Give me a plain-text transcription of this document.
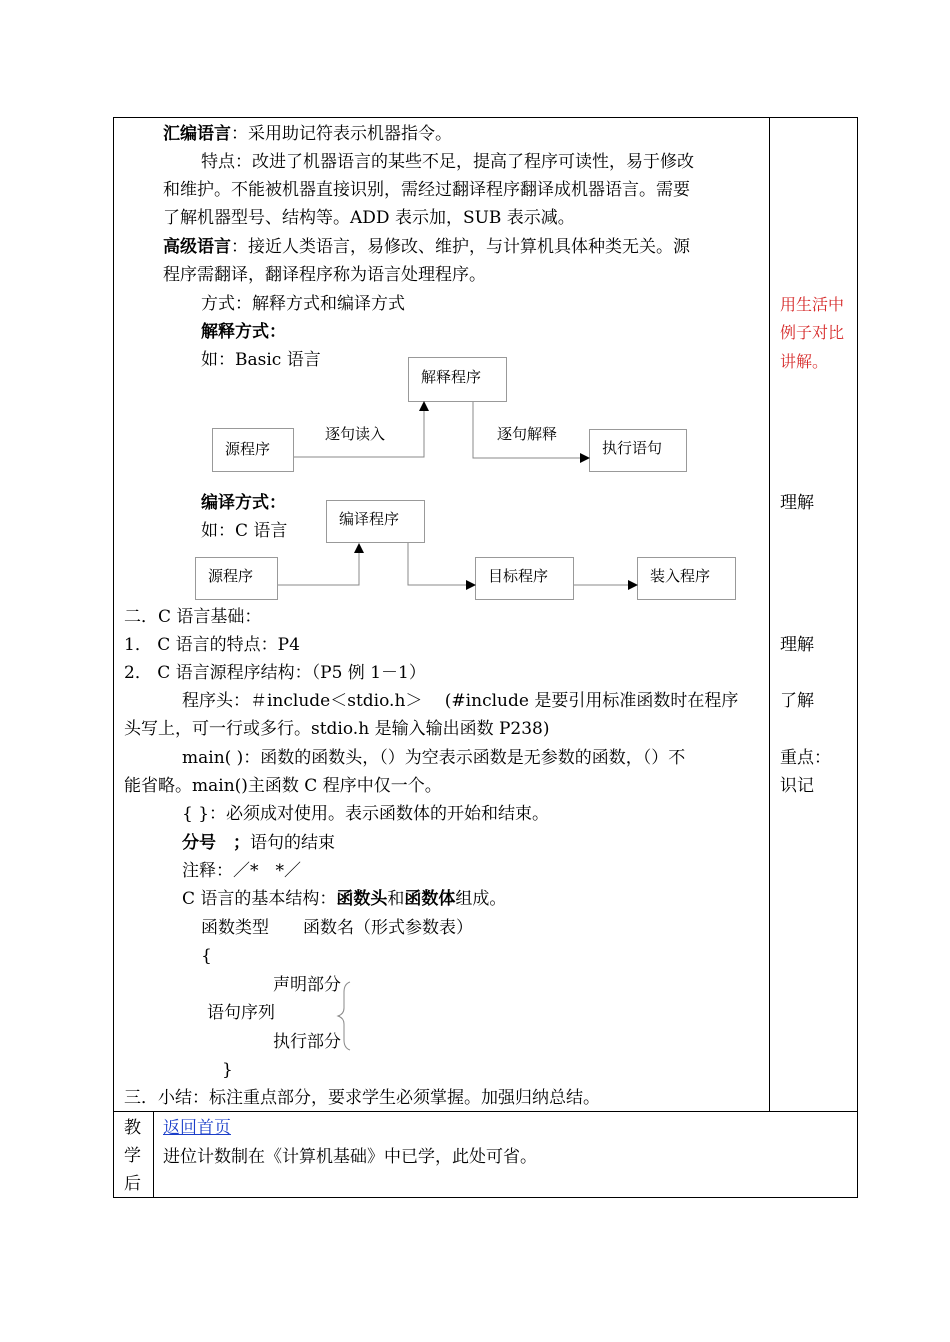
汇编语言：采用助记符表示机器指令。
特点：改进了机器语言的某些不足，提高了程序可读性，易于修改
和维护。不能被机器直接识别，需经过翻译程序翻译成机器语言。需要
了解机器型号、结构等。ADD 表示加，SUB 表示减。
高级语言：接近人类语言，易修改、维护，与计算机具体种类无关。源
程序需翻译，翻译程序称为语言处理程序。
方式：解释方式和编译方式
解释方式：
如：Basic 语言
源程序
解释程序
执行语句
逐句读入	逐句解释
编译方式：
如：C 语言
源程序
编译程序
目标程序	装入程序
二．C 语言基础：
1． C 语言的特点：P4
2． C 语言源程序结构：（P5 例 1－1）
程序头：＃include＜stdio.h＞　 (#include 是要引用标准函数时在程序
头写上，可一行或多行。stdio.h 是输入输出函数 P238)
main( )：函数的函数头，（）为空表示函数是无参数的函数，（）不
能省略。main()主函数 C 程序中仅一个。
{ }：必须成对使用。表示函数体的开始和结束。
分号　；语句的结束
注释：／*　*／
C 语言的基本结构：函数头和函数体组成。
函数类型　　函数名（形式参数表）
{
声明部分
语句序列
执行部分
}
三．小结：标注重点部分，要求学生必须掌握。加强归纳总结。
用生活中
例子对比
讲解。
理解
理解
了解
重点：
识记
教
学
后
返回首页
进位计数制在《计算机基础》中已学，此处可省。
